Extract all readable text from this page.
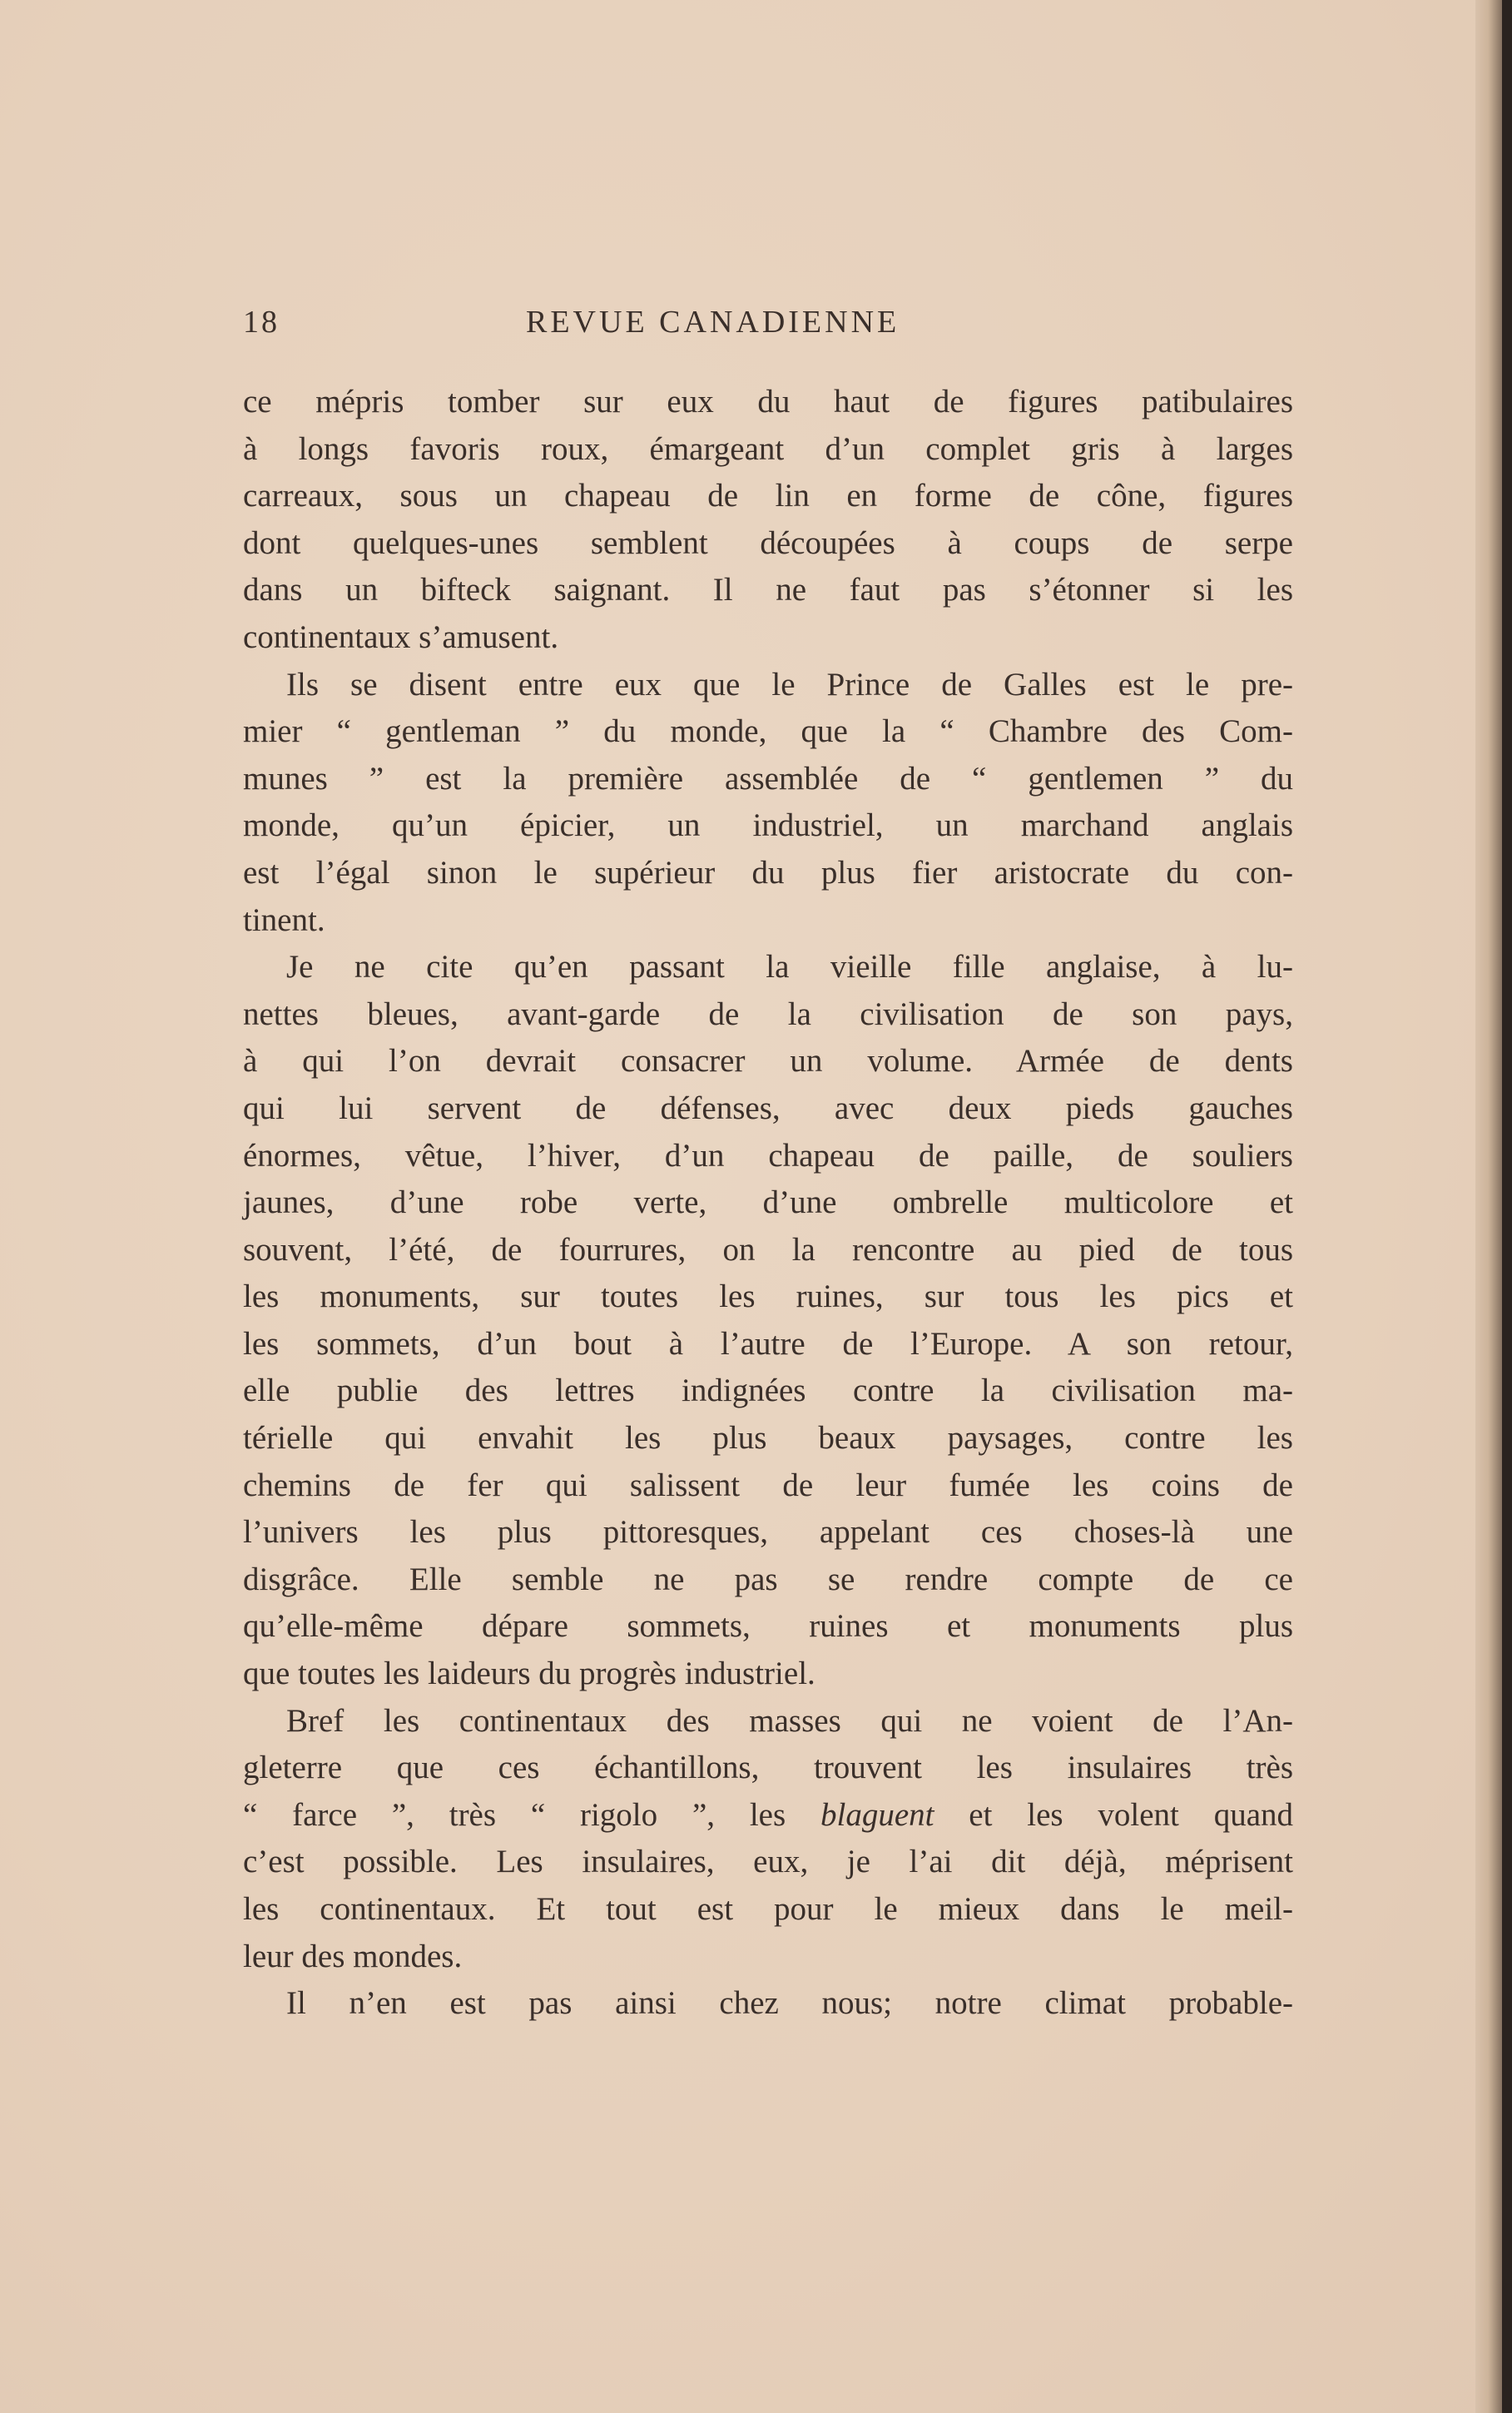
18	REVUE CANADIENNE
ce mépris tomber sur eux du haut de figures patibulaires
à longs favoris roux, émargeant d’un complet gris à larges
carreaux, sous un chapeau de lin en forme de cône, figures
dont quelques-unes semblent découpées à coups de serpe
dans un bifteck saignant. Il ne faut pas s’étonner si les
continentaux s’amusent.
Ils se disent entre eux que le Prince de Galles est le pre-
mier “ gentleman ” du monde, que la “ Chambre des Com-
munes ” est la première assemblée de “ gentlemen ” du
monde, qu’un épicier, un industriel, un marchand anglais
est l’égal sinon le supérieur du plus fier aristocrate du con-
tinent.
Je ne cite qu’en passant la vieille fille anglaise, à lu-
nettes bleues, avant-garde de la civilisation de son pays,
à qui l’on devrait consacrer un volume. Armée de dents
qui lui servent de défenses, avec deux pieds gauches
énormes, vêtue, l’hiver, d’un chapeau de paille, de souliers
jaunes, d’une robe verte, d’une ombrelle multicolore et
souvent, l’été, de fourrures, on la rencontre au pied de tous
les monuments, sur toutes les ruines, sur tous les pics et
les sommets, d’un bout à l’autre de l’Europe. A son retour,
elle publie des lettres indignées contre la civilisation ma-
térielle qui envahit les plus beaux paysages, contre les
chemins de fer qui salissent de leur fumée les coins de
l’univers les plus pittoresques, appelant ces choses-là une
disgrâce. Elle semble ne pas se rendre compte de ce
qu’elle-même dépare sommets, ruines et monuments plus
que toutes les laideurs du progrès industriel.
Bref les continentaux des masses qui ne voient de l’An-
gleterre que ces échantillons, trouvent les insulaires très
“ farce ”, très “ rigolo ”, les blaguent et les volent quand
c’est possible. Les insulaires, eux, je l’ai dit déjà, méprisent
les continentaux. Et tout est pour le mieux dans le meil-
leur des mondes.
Il n’en est pas ainsi chez nous; notre climat probable-
